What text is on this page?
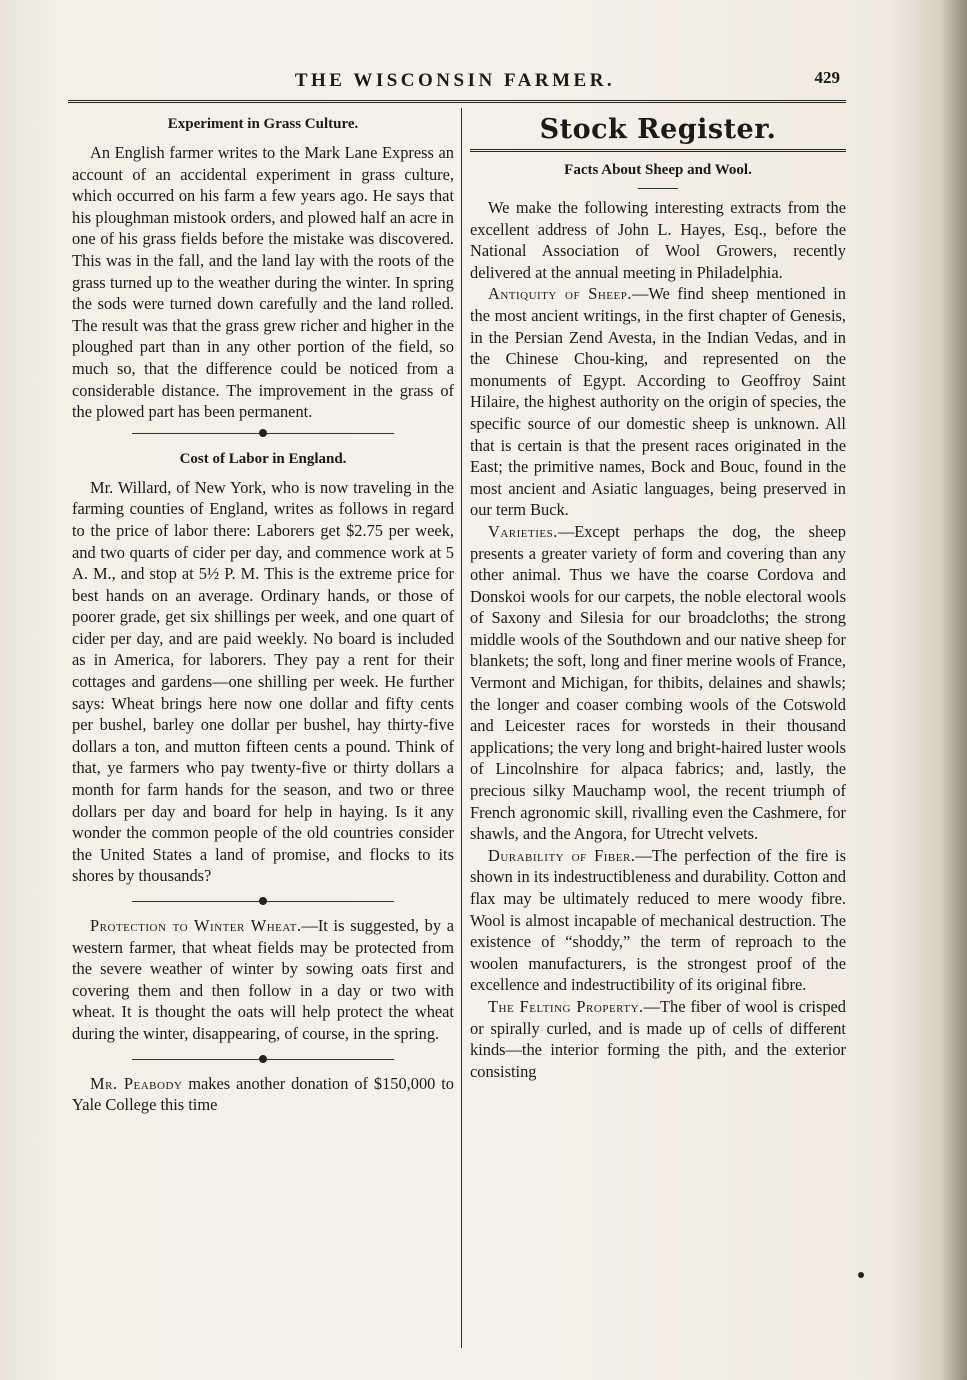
THE WISCONSIN FARMER.	429
Experiment in Grass Culture.

An English farmer writes to the Mark Lane Express an account of an accidental experiment in grass culture, which occurred on his farm a few years ago. He says that his ploughman mistook orders, and plowed half an acre in one of his grass fields before the mistake was discovered. This was in the fall, and the land lay with the roots of the grass turned up to the weather during the winter. In spring the sods were turned down carefully and the land rolled. The result was that the grass grew richer and higher in the ploughed part than in any other portion of the field, so much so, that the difference could be noticed from a considerable distance. The improvement in the grass of the plowed part has been permanent.

Cost of Labor in England.

Mr. Willard, of New York, who is now traveling in the farming counties of England, writes as follows in regard to the price of labor there: Laborers get $2.75 per week, and two quarts of cider per day, and commence work at 5 A. M., and stop at 5½ P. M. This is the extreme price for best hands on an average. Ordinary hands, or those of poorer grade, get six shillings per week, and one quart of cider per day, and are paid weekly. No board is included as in America, for laborers. They pay a rent for their cottages and gardens—one shilling per week. He further says: Wheat brings here now one dollar and fifty cents per bushel, barley one dollar per bushel, hay thirty-five dollars a ton, and mutton fifteen cents a pound. Think of that, ye farmers who pay twenty-five or thirty dollars a month for farm hands for the season, and two or three dollars per day and board for help in haying. Is it any wonder the common people of the old countries consider the United States a land of promise, and flocks to its shores by thousands?

Protection to Winter Wheat.—It is suggested, by a western farmer, that wheat fields may be protected from the severe weather of winter by sowing oats first and covering them and then follow in a day or two with wheat. It is thought the oats will help protect the wheat during the winter, disappearing, of course, in the spring.

Mr. Peabody makes another donation of $150,000 to Yale College this time

Stock Register.
Facts About Sheep and Wool.

We make the following interesting extracts from the excellent address of John L. Hayes, Esq., before the National Association of Wool Growers, recently delivered at the annual meeting in Philadelphia.

Antiquity of Sheep.—We find sheep mentioned in the most ancient writings, in the first chapter of Genesis, in the Persian Zend Avesta, in the Indian Vedas, and in the Chinese Chou-king, and represented on the monuments of Egypt. According to Geoffroy Saint Hilaire, the highest authority on the origin of species, the specific source of our domestic sheep is unknown. All that is certain is that the present races originated in the East; the primitive names, Bock and Bouc, found in the most ancient and Asiatic languages, being preserved in our term Buck.

Varieties.—Except perhaps the dog, the sheep presents a greater variety of form and covering than any other animal. Thus we have the coarse Cordova and Donskoi wools for our carpets, the noble electoral wools of Saxony and Silesia for our broadcloths; the strong middle wools of the Southdown and our native sheep for blankets; the soft, long and finer merine wools of France, Vermont and Michigan, for thibits, delaines and shawls; the longer and coaser combing wools of the Cotswold and Leicester races for worsteds in their thousand applications; the very long and bright-haired luster wools of Lincolnshire for alpaca fabrics; and, lastly, the precious silky Mauchamp wool, the recent triumph of French agronomic skill, rivalling even the Cashmere, for shawls, and the Angora, for Utrecht velvets.

Durability of Fiber.—The perfection of the fire is shown in its indestructibleness and durability. Cotton and flax may be ultimately reduced to mere woody fibre. Wool is almost incapable of mechanical destruction. The existence of “shoddy,” the term of reproach to the woolen manufacturers, is the strongest proof of the excellence and indestructibility of its original fibre.

The Felting Property.—The fiber of wool is crisped or spirally curled, and is made up of cells of different kinds—the interior forming the pith, and the exterior consisting
